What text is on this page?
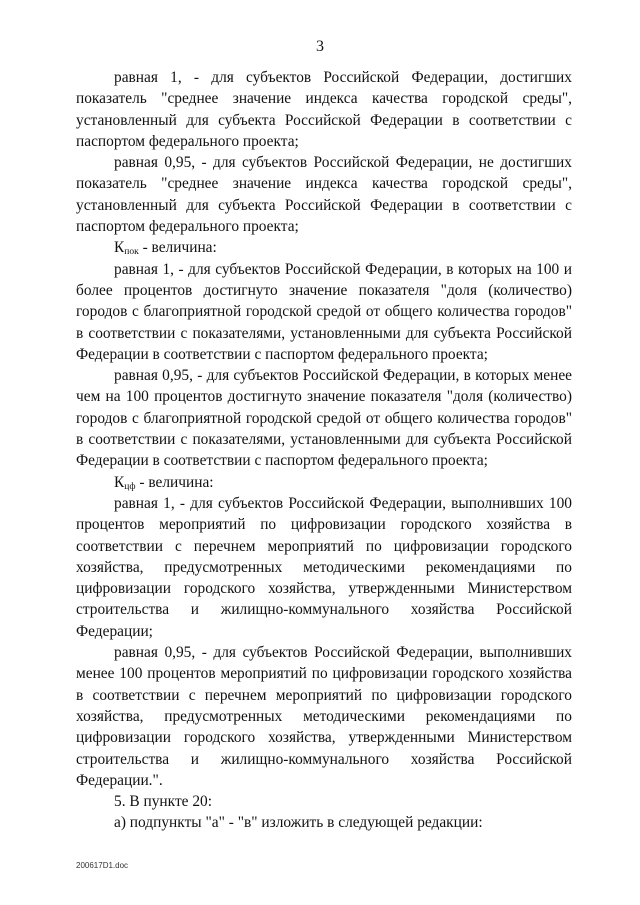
3

равная 1, - для субъектов Российской Федерации, достигших показатель "среднее значение индекса качества городской среды", установленный для субъекта Российской Федерации в соответствии с паспортом федерального проекта;

равная 0,95, - для субъектов Российской Федерации, не достигших показатель "среднее значение индекса качества городской среды", установленный для субъекта Российской Федерации в соответствии с паспортом федерального проекта;

$К_{пок}$ - величина:

равная 1, - для субъектов Российской Федерации, в которых на 100 и более процентов достигнуто значение показателя "доля (количество) городов с благоприятной городской средой от общего количества городов" в соответствии с показателями, установленными для субъекта Российской Федерации в соответствии с паспортом федерального проекта;

равная 0,95, - для субъектов Российской Федерации, в которых менее чем на 100 процентов достигнуто значение показателя "доля (количество) городов с благоприятной городской средой от общего количества городов" в соответствии с показателями, установленными для субъекта Российской Федерации в соответствии с паспортом федерального проекта;

$К_{цф}$ - величина:

равная 1, - для субъектов Российской Федерации, выполнивших 100 процентов мероприятий по цифровизации городского хозяйства в соответствии с перечнем мероприятий по цифровизации городского хозяйства, предусмотренных методическими рекомендациями по цифровизации городского хозяйства, утвержденными Министерством строительства и жилищно-коммунального хозяйства Российской Федерации;

равная 0,95, - для субъектов Российской Федерации, выполнивших менее 100 процентов мероприятий по цифровизации городского хозяйства в соответствии с перечнем мероприятий по цифровизации городского хозяйства, предусмотренных методическими рекомендациями по цифровизации городского хозяйства, утвержденными Министерством строительства и жилищно-коммунального хозяйства Российской Федерации.".

5. В пункте 20:

а) подпункты "а" - "в" изложить в следующей редакции:

200617D1.doc
